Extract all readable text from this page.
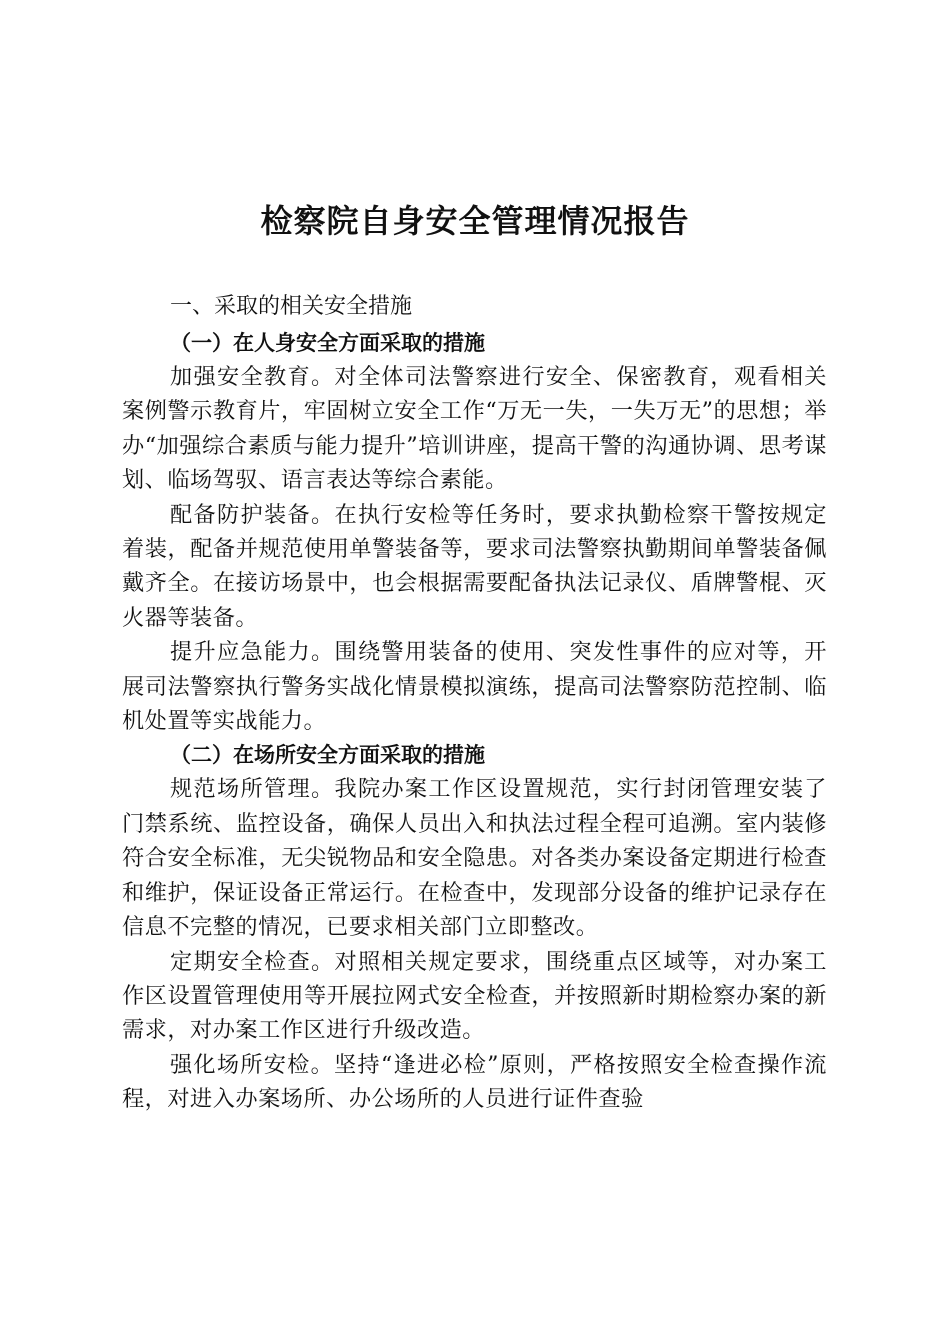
检察院自身安全管理情况报告
一、采取的相关安全措施
（一）在人身安全方面采取的措施

加强安全教育。对全体司法警察进行安全、保密教育，观看相关案例警示教育片，牢固树立安全工作“万无一失，一失万无”的思想；举办“加强综合素质与能力提升”培训讲座，提高干警的沟通协调、思考谋划、临场驾驭、语言表达等综合素能。

配备防护装备。在执行安检等任务时，要求执勤检察干警按规定着装，配备并规范使用单警装备等，要求司法警察执勤期间单警装备佩戴齐全。在接访场景中，也会根据需要配备执法记录仪、盾牌警棍、灭火器等装备。

提升应急能力。围绕警用装备的使用、突发性事件的应对等，开展司法警察执行警务实战化情景模拟演练，提高司法警察防范控制、临机处置等实战能力。

（二）在场所安全方面采取的措施

规范场所管理。我院办案工作区设置规范，实行封闭管理安装了门禁系统、监控设备，确保人员出入和执法过程全程可追溯。室内装修符合安全标准，无尖锐物品和安全隐患。对各类办案设备定期进行检查和维护，保证设备正常运行。在检查中，发现部分设备的维护记录存在信息不完整的情况，已要求相关部门立即整改。

定期安全检查。对照相关规定要求，围绕重点区域等，对办案工作区设置管理使用等开展拉网式安全检查，并按照新时期检察办案的新需求，对办案工作区进行升级改造。

强化场所安检。坚持“逢进必检”原则，严格按照安全检查操作流程，对进入办案场所、办公场所的人员进行证件查验
